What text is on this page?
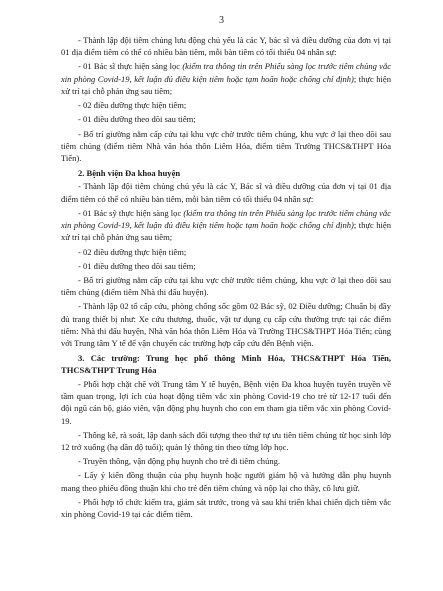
3
- Thành lập đội tiêm chủng lưu động chủ yếu là các Y, bác sĩ và điều dưỡng của đơn vị tại 01 địa điểm tiêm có thể có nhiều bàn tiêm, mỗi bàn tiêm có tối thiểu 04 nhân sự:
- 01 Bác sĩ thực hiện sàng lọc (kiểm tra thông tin trên Phiếu sàng lọc trước tiêm chủng vắc xin phòng Covid-19, kết luận đủ điều kiện tiêm hoặc tạm hoãn hoặc chống chỉ định); thực hiện xử trí tại chỗ phản ứng sau tiêm;
- 02 điều dưỡng thực hiện tiêm;
- 01 điều dưỡng theo dõi sau tiêm;
- Bố trí giường nằm cấp cứu tại khu vực chờ trước tiêm chủng, khu vực ở lại theo dõi sau tiêm chủng (điểm tiêm Nhà văn hóa thôn Liêm Hóa, điểm tiêm Trường THCS&THPT Hóa Tiến).
2. Bệnh viện Đa khoa huyện
- Thành lập đội tiêm chủng chủ yếu là các Y, Bác sĩ và điều dưỡng của đơn vị tại 01 địa điểm tiêm có thể có nhiều bàn tiêm, mỗi bàn tiêm có tối thiểu 04 nhân sự:
- 01 Bác sỹ thực hiện sàng lọc (kiểm tra thông tin trên Phiếu sàng lọc trước tiêm chủng vắc xin phòng Covid-19, kết luận đủ điều kiện tiêm hoặc tạm hoãn hoặc chống chỉ định); thực hiện xử trí tại chỗ phản ứng sau tiêm;
- 02 điều dưỡng thực hiện tiêm;
- 01 điều dưỡng theo dõi sau tiêm;
- Bố trí giường nằm cấp cứu tại khu vực chờ trước tiêm chủng, khu vực ở lại theo dõi sau tiêm chủng (điểm tiêm Nhà thi đấu huyện).
- Thành lập 02 tổ cấp cứu, phòng chống sốc gồm 02 Bác sỹ, 02 Điều dưỡng; Chuẩn bị đầy đủ trang thiết bị như: Xe cứu thương, thuốc, vật tư dụng cụ cấp cứu thường trực tại các điểm tiêm: Nhà thi đấu huyện, Nhà văn hóa thôn Liêm Hóa và Trường THCS&THPT Hóa Tiến; cùng với Trung tâm Y tế để vận chuyển các trường hợp cấp cứu đến Bệnh viện.
3. Các trường: Trung học phổ thông Minh Hóa, THCS&THPT Hóa Tiến, THCS&THPT Trung Hóa
- Phối hợp chặt chẽ với Trung tâm Y tế huyện, Bệnh viện Đa khoa huyện tuyên truyền về tầm quan trọng, lợi ích của hoạt động tiêm vắc xin phòng Covid-19 cho trẻ từ 12-17 tuổi đến đội ngũ cán bộ, giáo viên, vận động phụ huynh cho con em tham gia tiêm vắc xin phòng Covid-19.
- Thống kê, rà soát, lập danh sách đối tượng theo thứ tự ưu tiên tiêm chủng từ học sinh lớp 12 trở xuống (hạ dần độ tuổi); quản lý thông tin theo từng lớp học.
- Truyền thông, vận động phụ huynh cho trẻ đi tiêm chủng.
- Lấy ý kiến đồng thuận của phụ huynh hoặc người giám hộ và hướng dẫn phụ huynh mang theo phiếu đồng thuận khi cho trẻ đến tiêm chủng và nộp lại cho thầy, cô lưu giữ.
- Phối hợp tổ chức kiểm tra, giám sát trước, trong và sau khi triển khai chiến dịch tiêm vắc xin phòng Covid-19 tại các điểm tiêm.
